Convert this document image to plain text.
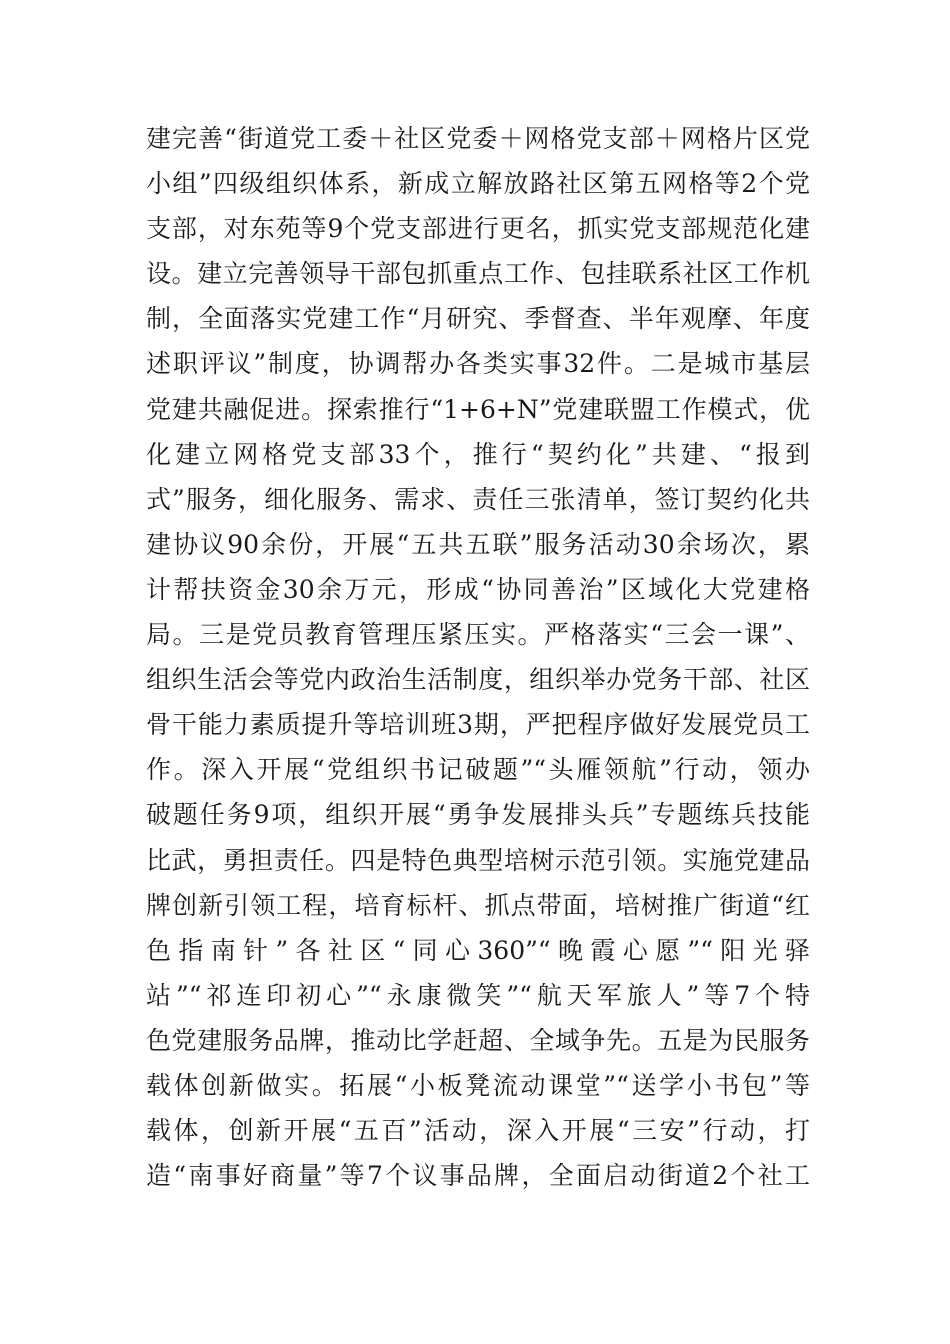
建完善“街道党工委＋社区党委＋网格党支部＋网格片区党
小组”四级组织体系，新成立解放路社区第五网格等2个党
支部，对东苑等9个党支部进行更名，抓实党支部规范化建
设。建立完善领导干部包抓重点工作、包挂联系社区工作机
制，全面落实党建工作“月研究、季督查、半年观摩、年度
述职评议”制度，协调帮办各类实事32件。二是城市基层
党建共融促进。探索推行“1+6+N”党建联盟工作模式，优
化建立网格党支部33个，推行“契约化”共建、“报到
式”服务，细化服务、需求、责任三张清单，签订契约化共
建协议90余份，开展“五共五联”服务活动30余场次，累
计帮扶资金30余万元，形成“协同善治”区域化大党建格
局。三是党员教育管理压紧压实。严格落实“三会一课”、
组织生活会等党内政治生活制度，组织举办党务干部、社区
骨干能力素质提升等培训班3期，严把程序做好发展党员工
作。深入开展“党组织书记破题”“头雁领航”行动，领办
破题任务9项，组织开展“勇争发展排头兵”专题练兵技能
比武，勇担责任。四是特色典型培树示范引领。实施党建品
牌创新引领工程，培育标杆、抓点带面，培树推广街道“红
色指南针”各社区“同心360”“晚霞心愿”“阳光驿
站”“祁连印初心”“永康微笑”“航天军旅人”等7个特
色党建服务品牌，推动比学赶超、全域争先。五是为民服务
载体创新做实。拓展“小板凳流动课堂”“送学小书包”等
载体，创新开展“五百”活动，深入开展“三安”行动，打
造“南事好商量”等7个议事品牌，全面启动街道2个社工
